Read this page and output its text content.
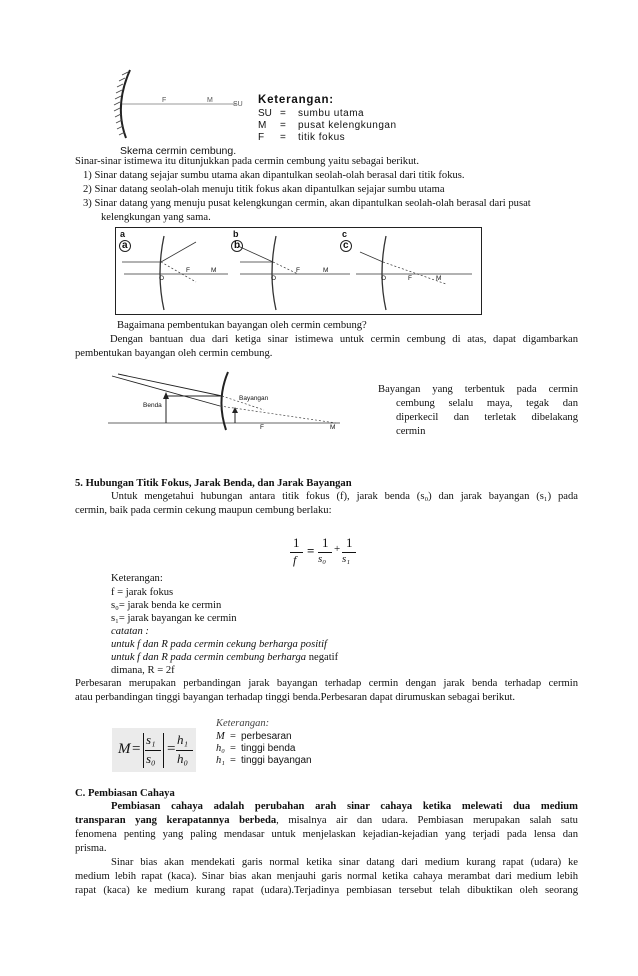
F	M
SU
Skema cermin cembung.
Keterangan:
SU =	sumbu utama
M	=	pusat kelengkungan
F	=	titik fokus
Sinar-sinar istimewa itu ditunjukkan pada cermin cembung yaitu sebagai berikut.
1) Sinar datang sejajar sumbu utama akan dipantulkan seolah-olah berasal dari titik fokus.
2) Sinar datang seolah-olah menuju titik fokus akan dipantulkan sejajar sumbu utama
3) Sinar datang yang menuju pusat kelengkungan cermin, akan dipantulkan seolah-olah berasal dari pusat
kelengkungan yang sama.
a
a
b
b
c
c
O
F	M
O
F	M
O	F	M
Bagaimana pembentukan bayangan oleh cermin cembung?
Dengan bantuan dua dari ketiga sinar istimewa untuk cermin cembung di atas, dapat digambarkan
pembentukan bayangan oleh cermin cembung.
Benda
Bayangan
F	M
Bayangan yang terbentuk pada cermin
cembung selalu maya, tegak dan
diperkecil dan terletak dibelakang
cermin
5. Hubungan Titik Fokus, Jarak Benda, dan Jarak Bayangan
Untuk mengetahui hubungan antara titik fokus (f), jarak benda (s₀) dan jarak bayangan (s₁) pada
cermin, baik pada cermin cekung maupun cembung berlaku:
1
f
=
1
s₀
+ 1
s₁
Keterangan:
f = jarak fokus
s₀= jarak benda ke cermin
s₁= jarak bayangan ke cermin
catatan :
untuk f dan R pada cermin cekung berharga positif
untuk f dan R pada cermin cembung berharga negatif
dimana, R = 2f
Perbesaran merupakan perbandingan jarak bayangan terhadap cermin dengan jarak benda terhadap cermin
atau perbandingan tinggi bayangan terhadap tinggi benda.Perbesaran dapat dirumuskan sebagai berikut.
M =
s₁
s₀
=
h₁
h₀
Keterangan:
M = perbesaran
h₀ = tinggi benda
h₁ = tinggi bayangan
C. Pembiasan Cahaya
Pembiasan cahaya adalah perubahan arah sinar cahaya ketika melewati dua medium
transparan yang kerapatannya berbeda, misalnya air dan udara. Pembiasan merupakan salah satu
fenomena penting yang paling mendasar untuk menjelaskan kejadian-kejadian yang terjadi pada lensa dan
prisma.
Sinar bias akan mendekati garis normal ketika sinar datang dari medium kurang rapat (udara) ke
medium lebih rapat (kaca). Sinar bias akan menjauhi garis normal ketika cahaya merambat dari medium lebih
rapat (kaca) ke medium kurang rapat (udara).Terjadinya pembiasan tersebut telah dibuktikan oleh seorang
